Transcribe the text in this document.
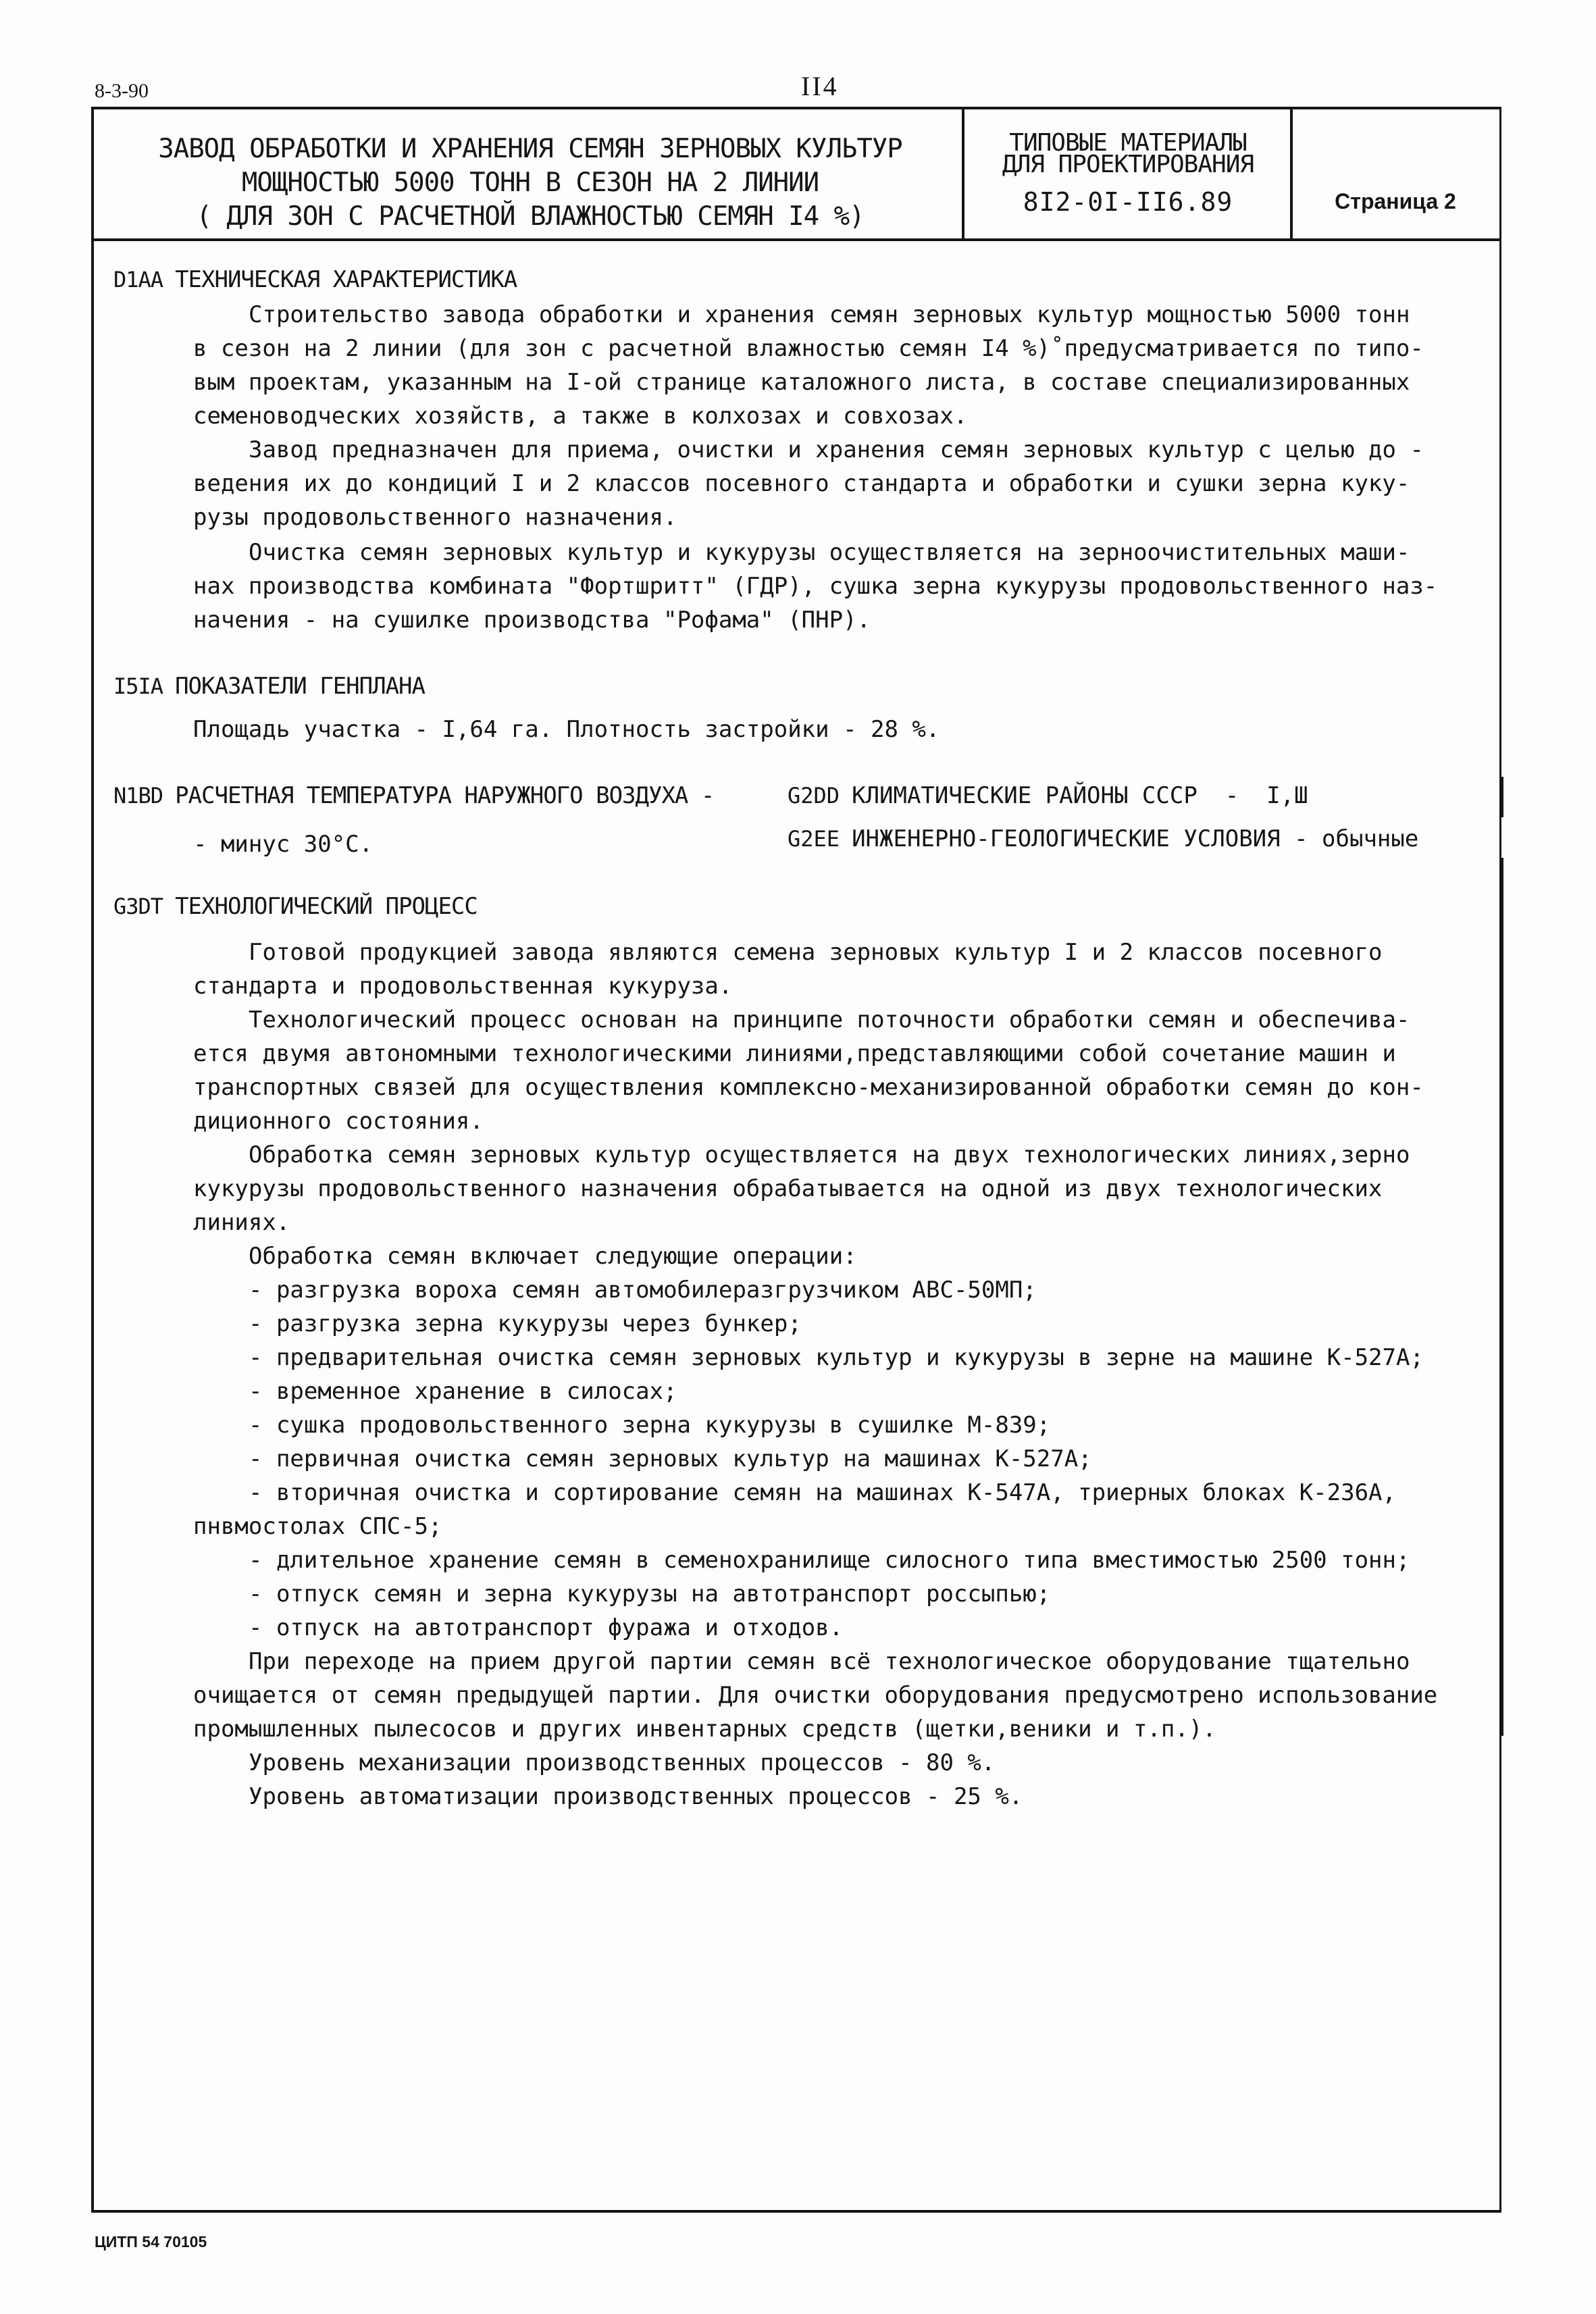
8-3-90	II4
ЗАВОД ОБРАБОТКИ И ХРАНЕНИЯ СЕМЯН ЗЕРНОВЫХ КУЛЬТУР
МОЩНОСТЬЮ 5000 ТОНН В СЕЗОН НА 2 ЛИНИИ
( ДЛЯ ЗОН С РАСЧЕТНОЙ ВЛАЖНОСТЬЮ СЕМЯН I4 %)
ТИПОВЫЕ МАТЕРИАЛЫ
ДЛЯ ПРОЕКТИРОВАНИЯ
8I2-0I-II6.89	Страница 2
D1AA ТЕХНИЧЕСКАЯ ХАРАКТЕРИСТИКА
Строительство завода обработки и хранения семян зерновых культур мощностью 5000 тонн
в сезон на 2 линии (для зон с расчетной влажностью семян I4 %)˚предусматривается по типо-
вым проектам, указанным на I-ой странице каталожного листа, в составе специализированных
семеноводческих хозяйств, а также в колхозах и совхозах.
Завод предназначен для приема, очистки и хранения семян зерновых культур с целью до -
ведения их до кондиций I и 2 классов посевного стандарта и обработки и сушки зерна куку-
рузы продовольственного назначения.
Очистка семян зерновых культур и кукурузы осуществляется на зерноочистительных маши-
нах производства комбината "Фортшритт" (ГДР), сушка зерна кукурузы продовольственного наз-
начения - на сушилке производства "Рофама" (ПНР).
I5IA ПОКАЗАТЕЛИ ГЕНПЛАНА
Площадь участка - I,64 га. Плотность застройки - 28 %.
N1BD РАСЧЕТНАЯ ТЕМПЕРАТУРА НАРУЖНОГО ВОЗДУХА -	G2DD КЛИМАТИЧЕСКИЕ РАЙОНЫ СССР  -  I,Ш
- минус 30°С.	G2EE ИНЖЕНЕРНО-ГЕОЛОГИЧЕСКИЕ УСЛОВИЯ - обычные
G3DT ТЕХНОЛОГИЧЕСКИЙ ПРОЦЕСС
Готовой продукцией завода являются семена зерновых культур I и 2 классов посевного
стандарта и продовольственная кукуруза.
Технологический процесс основан на принципе поточности обработки семян и обеспечива-
ется двумя автономными технологическими линиями,представляющими собой сочетание машин и
транспортных связей для осуществления комплексно-механизированной обработки семян до кон-
диционного состояния.
Обработка семян зерновых культур осуществляется на двух технологических линиях,зерно
кукурузы продовольственного назначения обрабатывается на одной из двух технологических
линиях.
Обработка семян включает следующие операции:
- разгрузка вороха семян автомобилеразгрузчиком АВС-50МП;
- разгрузка зерна кукурузы через бункер;
- предварительная очистка семян зерновых культур и кукурузы в зерне на машине К-527А;
- временное хранение в силосах;
- сушка продовольственного зерна кукурузы в сушилке М-839;
- первичная очистка семян зерновых культур на машинах К-527А;
- вторичная очистка и сортирование семян на машинах К-547А, триерных блоках К-236А,
пнвмостолах СПС-5;
- длительное хранение семян в семенохранилище силосного типа вместимостью 2500 тонн;
- отпуск семян и зерна кукурузы на автотранспорт россыпью;
- отпуск на автотранспорт фуража и отходов.
При переходе на прием другой партии семян всё технологическое оборудование тщательно
очищается от семян предыдущей партии. Для очистки оборудования предусмотрено использование
промышленных пылесосов и других инвентарных средств (щетки,веники и т.п.).
Уровень механизации производственных процессов - 80 %.
Уровень автоматизации производственных процессов - 25 %.
ЦИТП 54 70105
